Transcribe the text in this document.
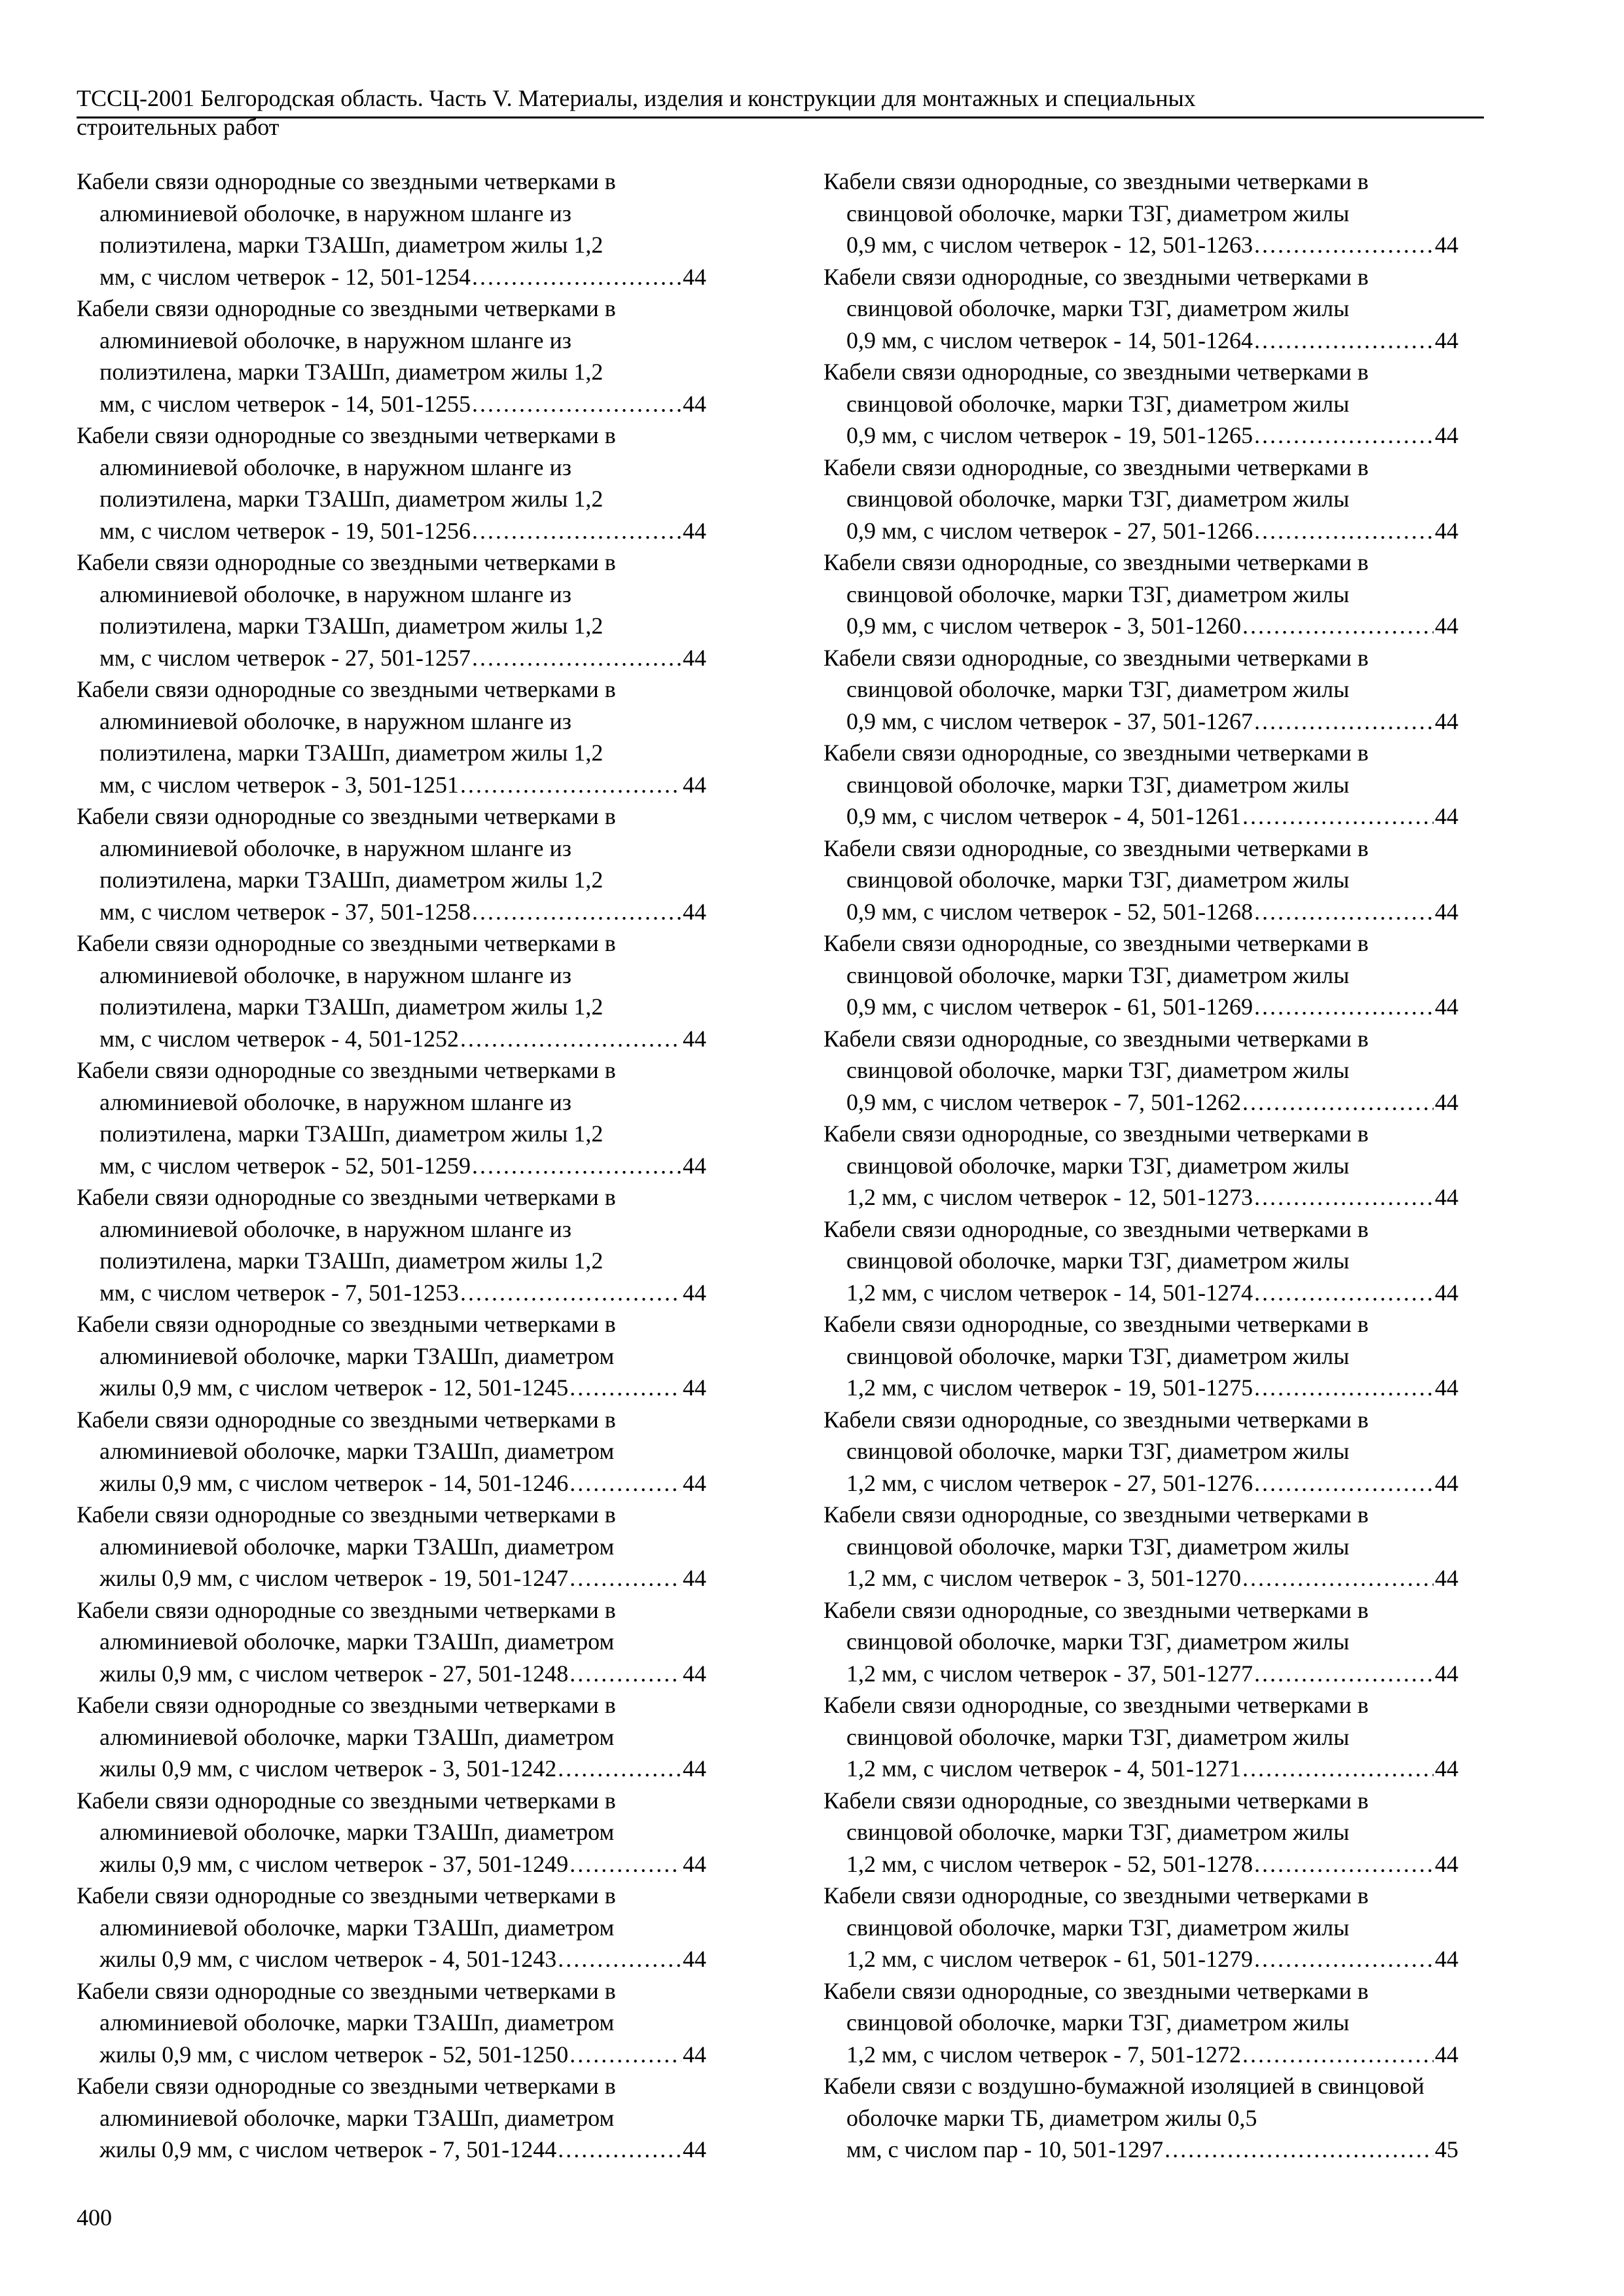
ТССЦ-2001 Белгородская область. Часть V. Материалы, изделия и конструкции для монтажных и специальных
строительных работ

Кабели связи однородные со звездными четверками в алюминиевой оболочке, в наружном шланге из полиэтилена, марки ТЗАШп, диаметром жилы 1,2
мм, с числом четверок - 12, 501-1254 . . .	44

Кабели связи однородные со звездными четверками в алюминиевой оболочке, в наружном шланге из полиэтилена, марки ТЗАШп, диаметром жилы 1,2
мм, с числом четверок - 14, 501-1255 . . .	44

Кабели связи однородные со звездными четверками в алюминиевой оболочке, в наружном шланге из полиэтилена, марки ТЗАШп, диаметром жилы 1,2
мм, с числом четверок - 19, 501-1256 . . .	44

Кабели связи однородные со звездными четверками в алюминиевой оболочке, в наружном шланге из полиэтилена, марки ТЗАШп, диаметром жилы 1,2
мм, с числом четверок - 27, 501-1257 . . .	44

Кабели связи однородные со звездными четверками в алюминиевой оболочке, в наружном шланге из полиэтилена, марки ТЗАШп, диаметром жилы 1,2
мм, с числом четверок - 3, 501-1251 . . .	44

Кабели связи однородные со звездными четверками в алюминиевой оболочке, в наружном шланге из полиэтилена, марки ТЗАШп, диаметром жилы 1,2
мм, с числом четверок - 37, 501-1258 . . .	44

Кабели связи однородные со звездными четверками в алюминиевой оболочке, в наружном шланге из полиэтилена, марки ТЗАШп, диаметром жилы 1,2
мм, с числом четверок - 4, 501-1252 . . .	44

Кабели связи однородные со звездными четверками в алюминиевой оболочке, в наружном шланге из полиэтилена, марки ТЗАШп, диаметром жилы 1,2
мм, с числом четверок - 52, 501-1259 . . .	44

Кабели связи однородные со звездными четверками в алюминиевой оболочке, в наружном шланге из полиэтилена, марки ТЗАШп, диаметром жилы 1,2
мм, с числом четверок - 7, 501-1253 . . .	44

Кабели связи однородные со звездными четверками в алюминиевой оболочке, марки ТЗАШп, диаметром
жилы 0,9 мм, с числом четверок - 12, 501-1245 . . .	44

Кабели связи однородные со звездными четверками в алюминиевой оболочке, марки ТЗАШп, диаметром
жилы 0,9 мм, с числом четверок - 14, 501-1246 . . .	44

Кабели связи однородные со звездными четверками в алюминиевой оболочке, марки ТЗАШп, диаметром
жилы 0,9 мм, с числом четверок - 19, 501-1247 . . .	44

Кабели связи однородные со звездными четверками в алюминиевой оболочке, марки ТЗАШп, диаметром
жилы 0,9 мм, с числом четверок - 27, 501-1248 . . .	44

Кабели связи однородные со звездными четверками в алюминиевой оболочке, марки ТЗАШп, диаметром
жилы 0,9 мм, с числом четверок - 3, 501-1242 . . .	44

Кабели связи однородные со звездными четверками в алюминиевой оболочке, марки ТЗАШп, диаметром
жилы 0,9 мм, с числом четверок - 37, 501-1249 . . .	44

Кабели связи однородные со звездными четверками в алюминиевой оболочке, марки ТЗАШп, диаметром
жилы 0,9 мм, с числом четверок - 4, 501-1243 . . .	44

Кабели связи однородные со звездными четверками в алюминиевой оболочке, марки ТЗАШп, диаметром
жилы 0,9 мм, с числом четверок - 52, 501-1250 . . .	44

Кабели связи однородные со звездными четверками в алюминиевой оболочке, марки ТЗАШп, диаметром
жилы 0,9 мм, с числом четверок - 7, 501-1244 . . .	44

Кабели связи однородные, со звездными четверками в свинцовой оболочке, марки ТЗГ, диаметром жилы
0,9 мм, с числом четверок - 12, 501-1263 . . .	44

Кабели связи однородные, со звездными четверками в свинцовой оболочке, марки ТЗГ, диаметром жилы
0,9 мм, с числом четверок - 14, 501-1264 . . .	44

Кабели связи однородные, со звездными четверками в свинцовой оболочке, марки ТЗГ, диаметром жилы
0,9 мм, с числом четверок - 19, 501-1265 . . .	44

Кабели связи однородные, со звездными четверками в свинцовой оболочке, марки ТЗГ, диаметром жилы
0,9 мм, с числом четверок - 27, 501-1266 . . .	44

Кабели связи однородные, со звездными четверками в свинцовой оболочке, марки ТЗГ, диаметром жилы
0,9 мм, с числом четверок - 3, 501-1260 . . .	44

Кабели связи однородные, со звездными четверками в свинцовой оболочке, марки ТЗГ, диаметром жилы
0,9 мм, с числом четверок - 37, 501-1267 . . .	44

Кабели связи однородные, со звездными четверками в свинцовой оболочке, марки ТЗГ, диаметром жилы
0,9 мм, с числом четверок - 4, 501-1261 . . .	44

Кабели связи однородные, со звездными четверками в свинцовой оболочке, марки ТЗГ, диаметром жилы
0,9 мм, с числом четверок - 52, 501-1268 . . .	44

Кабели связи однородные, со звездными четверками в свинцовой оболочке, марки ТЗГ, диаметром жилы
0,9 мм, с числом четверок - 61, 501-1269 . . .	44

Кабели связи однородные, со звездными четверками в свинцовой оболочке, марки ТЗГ, диаметром жилы
0,9 мм, с числом четверок - 7, 501-1262 . . .	44

Кабели связи однородные, со звездными четверками в свинцовой оболочке, марки ТЗГ, диаметром жилы
1,2 мм, с числом четверок - 12, 501-1273 . . .	44

Кабели связи однородные, со звездными четверками в свинцовой оболочке, марки ТЗГ, диаметром жилы
1,2 мм, с числом четверок - 14, 501-1274 . . .	44

Кабели связи однородные, со звездными четверками в свинцовой оболочке, марки ТЗГ, диаметром жилы
1,2 мм, с числом четверок - 19, 501-1275 . . .	44

Кабели связи однородные, со звездными четверками в свинцовой оболочке, марки ТЗГ, диаметром жилы
1,2 мм, с числом четверок - 27, 501-1276 . . .	44

Кабели связи однородные, со звездными четверками в свинцовой оболочке, марки ТЗГ, диаметром жилы
1,2 мм, с числом четверок - 3, 501-1270 . . .	44

Кабели связи однородные, со звездными четверками в свинцовой оболочке, марки ТЗГ, диаметром жилы
1,2 мм, с числом четверок - 37, 501-1277 . . .	44

Кабели связи однородные, со звездными четверками в свинцовой оболочке, марки ТЗГ, диаметром жилы
1,2 мм, с числом четверок - 4, 501-1271 . . .	44

Кабели связи однородные, со звездными четверками в свинцовой оболочке, марки ТЗГ, диаметром жилы
1,2 мм, с числом четверок - 52, 501-1278 . . .	44

Кабели связи однородные, со звездными четверками в свинцовой оболочке, марки ТЗГ, диаметром жилы
1,2 мм, с числом четверок - 61, 501-1279 . . .	44

Кабели связи однородные, со звездными четверками в свинцовой оболочке, марки ТЗГ, диаметром жилы
1,2 мм, с числом четверок - 7, 501-1272 . . .	44

Кабели связи с воздушно-бумажной изоляцией в свинцовой оболочке марки ТБ, диаметром жилы 0,5
мм, с числом пар - 10, 501-1297 . . .	45

400
